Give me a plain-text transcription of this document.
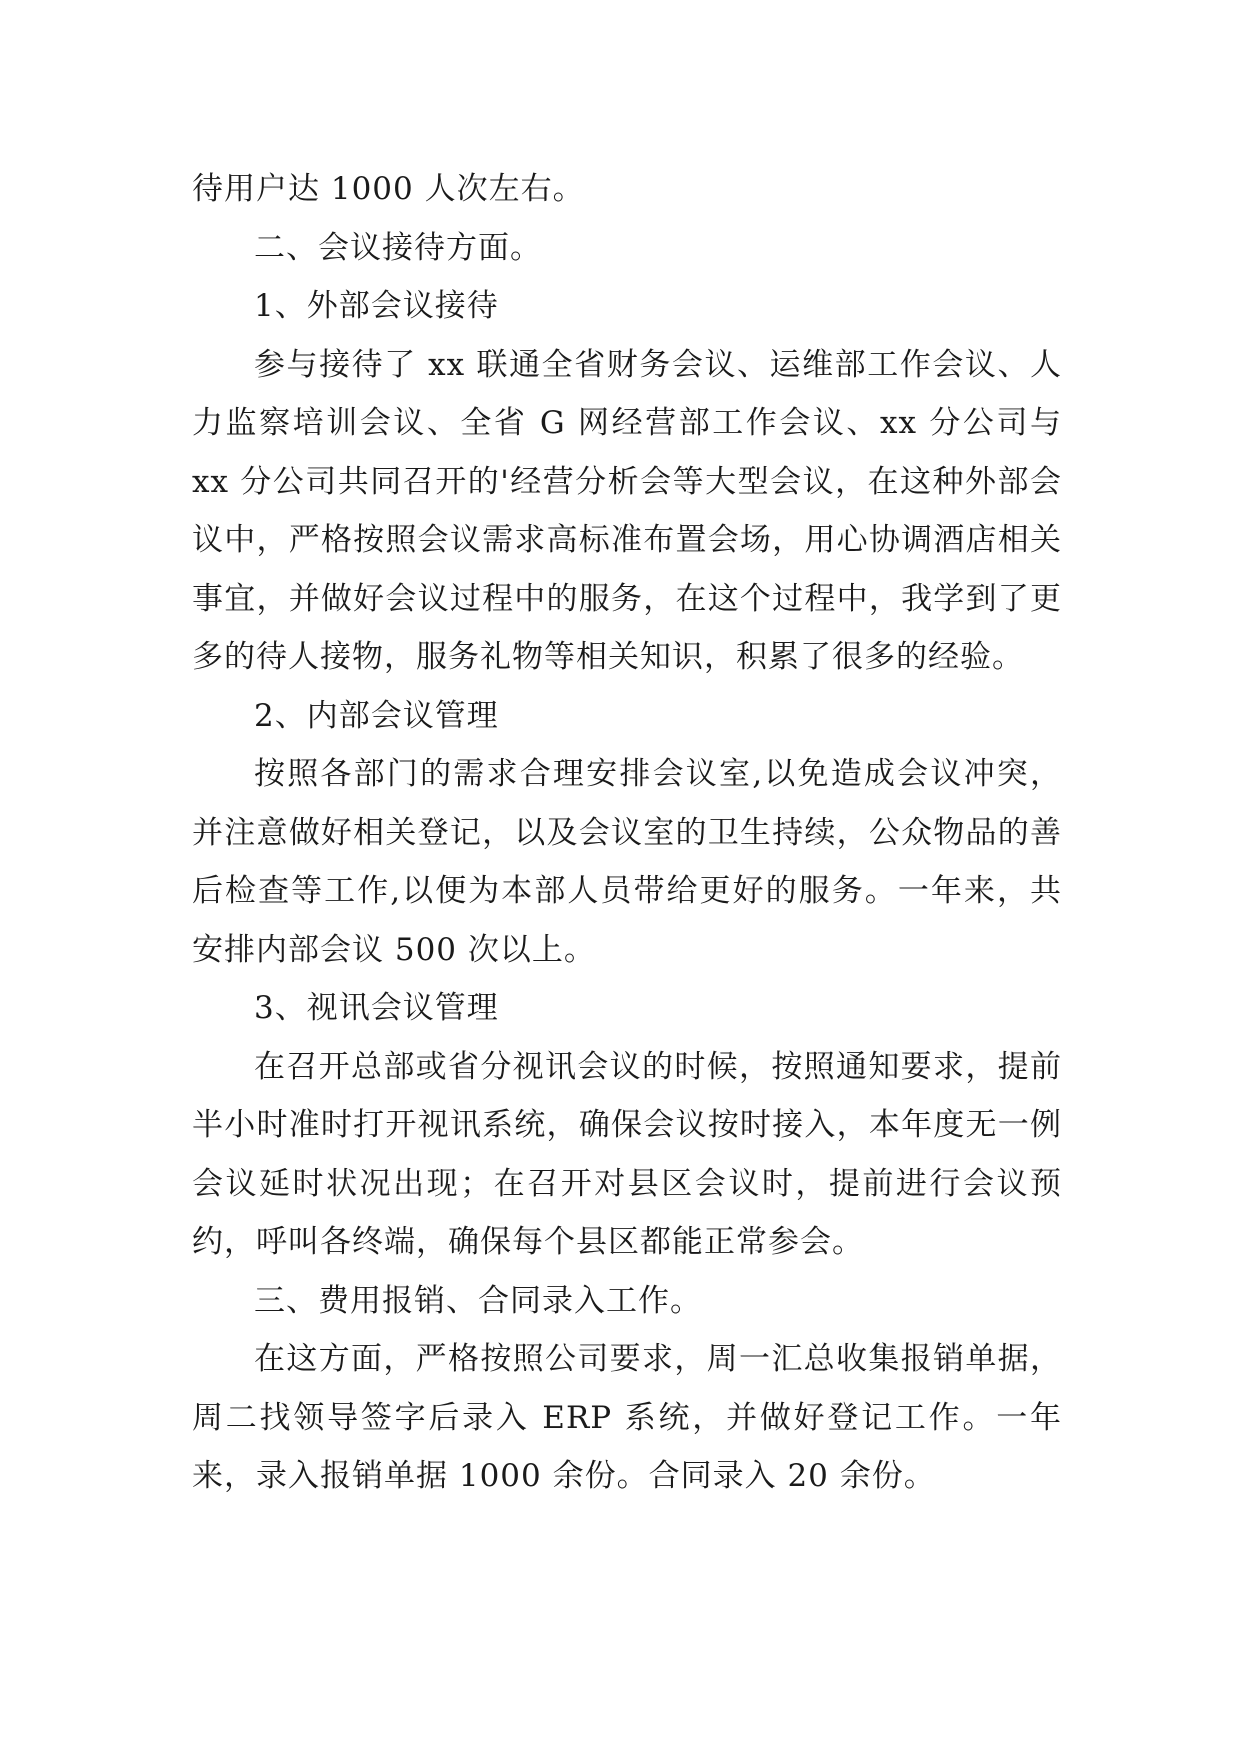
待用户达 1000 人次左右。

二、会议接待方面。

1、外部会议接待

参与接待了 xx 联通全省财务会议、运维部工作会议、人力监察培训会议、全省 G 网经营部工作会议、xx 分公司与 xx 分公司共同召开的'经营分析会等大型会议，在这种外部会议中，严格按照会议需求高标准布置会场，用心协调酒店相关事宜，并做好会议过程中的服务，在这个过程中，我学到了更多的待人接物，服务礼物等相关知识，积累了很多的经验。

2、内部会议管理

按照各部门的需求合理安排会议室,以免造成会议冲突，并注意做好相关登记，以及会议室的卫生持续，公众物品的善后检查等工作,以便为本部人员带给更好的服务。一年来，共安排内部会议 500 次以上。

3、视讯会议管理

在召开总部或省分视讯会议的时候，按照通知要求，提前半小时准时打开视讯系统，确保会议按时接入，本年度无一例会议延时状况出现；在召开对县区会议时，提前进行会议预约，呼叫各终端，确保每个县区都能正常参会。

三、费用报销、合同录入工作。

在这方面，严格按照公司要求，周一汇总收集报销单据，周二找领导签字后录入 ERP 系统，并做好登记工作。一年来，录入报销单据 1000 余份。合同录入 20 余份。
